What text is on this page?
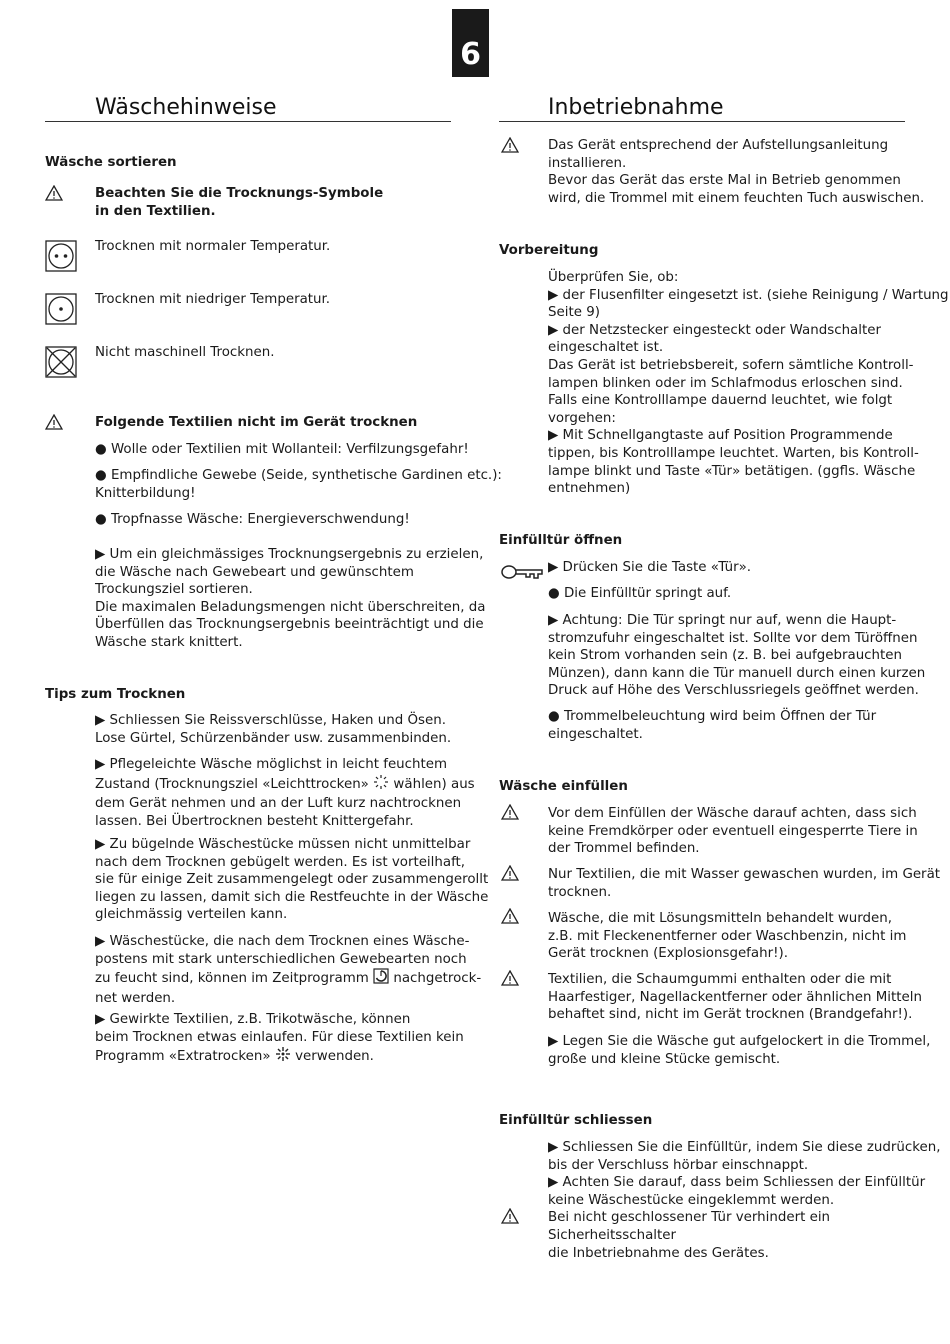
6
Wäschehinweise
Wäsche sortieren
Beachten Sie die Trocknungs-Symbole
in den Textilien.
Trocknen mit normaler Temperatur.
Trocknen mit niedriger Temperatur.
Nicht maschinell Trocknen.
Folgende Textilien nicht im Gerät trocknen
● Wolle oder Textilien mit Wollanteil: Verfilzungsgefahr!
● Empfindliche Gewebe (Seide, synthetische Gardinen etc.):
Knitterbildung!
● Tropfnasse Wäsche: Energieverschwendung!

▶ Um ein gleichmässiges Trocknungsergebnis zu erzielen,

die Wäsche nach Gewebeart und gewünschtem

Trockungsziel sortieren.

Die maximalen Beladungsmengen nicht überschreiten, da

Überfüllen das Trocknungsergebnis beeinträchtigt und die

Wäsche stark knittert.

Tips zum Trocknen

▶ Schliessen Sie Reissverschlüsse, Haken und Ösen.

Lose Gürtel, Schürzenbänder usw. zusammenbinden.

▶ Pflegeleichte Wäsche möglichst in leicht feuchtem

Zustand (Trocknungsziel «Leichttrocken» wählen) aus

dem Gerät nehmen und an der Luft kurz nachtrocknen

lassen. Bei Übertrocknen besteht Knittergefahr.

▶ Zu bügelnde Wäschestücke müssen nicht unmittelbar

nach dem Trocknen gebügelt werden. Es ist vorteilhaft,

sie für einige Zeit zusammengelegt oder zusammengerollt

liegen zu lassen, damit sich die Restfeuchte in der Wäsche

gleichmässig verteilen kann.

▶ Wäschestücke, die nach dem Trocknen eines Wäsche-

postens mit stark unterschiedlichen Gewebearten noch

zu feucht sind, können im Zeitprogramm nachgetrock-

net werden.

▶ Gewirkte Textilien, z.B. Trikotwäsche, können

beim Trocknen etwas einlaufen. Für diese Textilien kein

Programm «Extratrocken» verwenden.

Inbetriebnahme

Das Gerät entsprechend der Aufstellungsanleitung

installieren.

Bevor das Gerät das erste Mal in Betrieb genommen

wird, die Trommel mit einem feuchten Tuch auswischen.

Vorbereitung

Überprüfen Sie, ob:

▶ der Flusenfilter eingesetzt ist. (siehe Reinigung / Wartung

Seite 9)

▶ der Netzstecker eingesteckt oder Wandschalter

eingeschaltet ist.

Das Gerät ist betriebsbereit, sofern sämtliche Kontroll-

lampen blinken oder im Schlafmodus erloschen sind.

Falls eine Kontrolllampe dauernd leuchtet, wie folgt

vorgehen:

▶ Mit Schnellgangtaste auf Position Programmende

tippen, bis Kontrolllampe leuchtet. Warten, bis Kontroll-

lampe blinkt und Taste «Tür» betätigen. (ggfls. Wäsche

entnehmen)

Einfülltür öffnen
▶ Drücken Sie die Taste «Tür».
● Die Einfülltür springt auf.

▶ Achtung: Die Tür springt nur auf, wenn die Haupt-

stromzufuhr eingeschaltet ist. Sollte vor dem Türöffnen

kein Strom vorhanden sein (z. B. bei aufgebrauchten

Münzen), dann kann die Tür manuell durch einen kurzen

Druck auf Höhe des Verschlussriegels geöffnet werden.

● Trommelbeleuchtung wird beim Öffnen der Tür

eingeschaltet.

Wäsche einfüllen

Vor dem Einfüllen der Wäsche darauf achten, dass sich

keine Fremdkörper oder eventuell eingesperrte Tiere in

der Trommel befinden.

Nur Textilien, die mit Wasser gewaschen wurden, im Gerät

trocknen.

Wäsche, die mit Lösungsmitteln behandelt wurden,

z.B. mit Fleckenentferner oder Waschbenzin, nicht im

Gerät trocknen (Explosionsgefahr!).

Textilien, die Schaumgummi enthalten oder die mit

Haarfestiger, Nagellackentferner oder ähnlichen Mitteln

behaftet sind, nicht im Gerät trocknen (Brandgefahr!).

▶ Legen Sie die Wäsche gut aufgelockert in die Trommel,

große und kleine Stücke gemischt.

Einfülltür schliessen

▶ Schliessen Sie die Einfülltür, indem Sie diese zudrücken,

bis der Verschluss hörbar einschnappt.

▶ Achten Sie darauf, dass beim Schliessen der Einfülltür

keine Wäschestücke eingeklemmt werden.

Bei nicht geschlossener Tür verhindert ein Sicherheitsschalter

die Inbetriebnahme des Gerätes.
